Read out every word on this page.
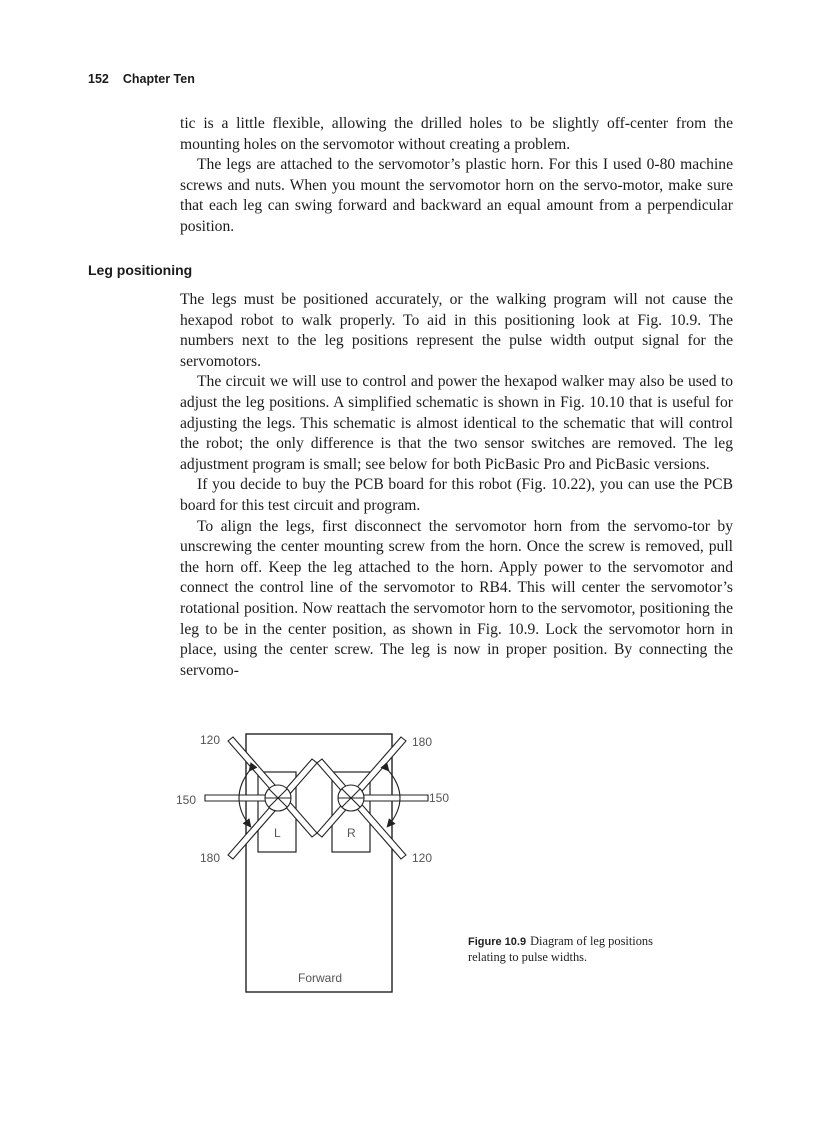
152 Chapter Ten

tic is a little flexible, allowing the drilled holes to be slightly off-center from the mounting holes on the servomotor without creating a problem.

The legs are attached to the servomotor’s plastic horn. For this I used 0-80 machine screws and nuts. When you mount the servomotor horn on the servo-motor, make sure that each leg can swing forward and backward an equal amount from a perpendicular position.

Leg positioning

The legs must be positioned accurately, or the walking program will not cause the hexapod robot to walk properly. To aid in this positioning look at Fig. 10.9. The numbers next to the leg positions represent the pulse width output signal for the servomotors.

The circuit we will use to control and power the hexapod walker may also be used to adjust the leg positions. A simplified schematic is shown in Fig. 10.10 that is useful for adjusting the legs. This schematic is almost identical to the schematic that will control the robot; the only difference is that the two sensor switches are removed. The leg adjustment program is small; see below for both PicBasic Pro and PicBasic versions.

If you decide to buy the PCB board for this robot (Fig. 10.22), you can use the PCB board for this test circuit and program.

To align the legs, first disconnect the servomotor horn from the servomo-tor by unscrewing the center mounting screw from the horn. Once the screw is removed, pull the horn off. Keep the leg attached to the horn. Apply power to the servomotor and connect the control line of the servomotor to RB4. This will center the servomotor’s rotational position. Now reattach the servomotor horn to the servomotor, positioning the leg to be in the center position, as shown in Fig. 10.9. Lock the servomotor horn in place, using the center screw. The leg is now in proper position. By connecting the servomo-

120
150
180
180
150
120
L	R
Forward
Figure 10.9 Diagram of leg positions relating to pulse widths.
